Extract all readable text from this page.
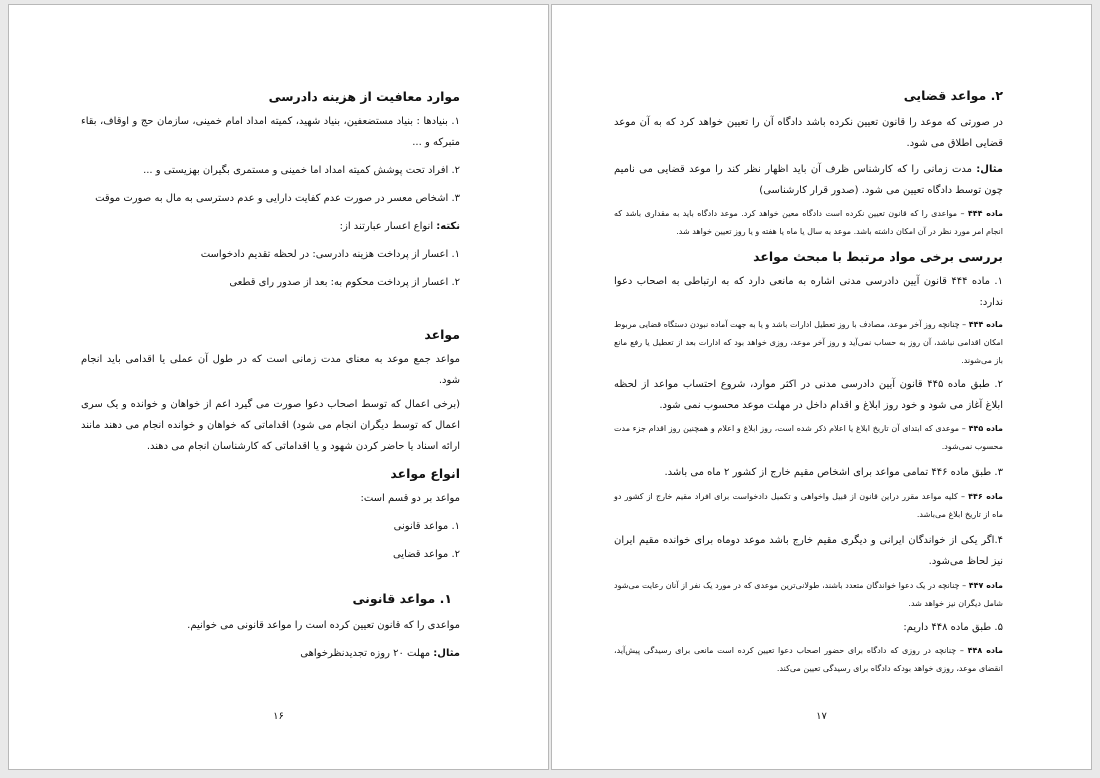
موارد معافیت از هزینه دادرسی

۱. بنیادها : بنیاد مستضعفین، بنیاد شهید، کمیته امداد امام خمینی، سازمان حج و اوقاف، بقاء متبرکه و ...

۲. افراد تحت پوشش کمیته امداد اما خمینی و مستمری بگیران بهزیستی و ...

۳. اشخاص معسر در صورت عدم کفایت دارایی و عدم دسترسی به مال به صورت موقت

نکته: انواع اعسار عبارتند از:

۱. اعسار از پرداخت هزینه دادرسی: در لحظه تقدیم دادخواست

۲. اعسار از پرداخت محکوم به: بعد از صدور رای قطعی

مواعد

مواعد جمع موعد به معنای مدت زمانی است که در طول آن عملی یا اقدامی باید انجام شود.

(برخی اعمال که توسط اصحاب دعوا صورت می گیرد اعم از خواهان و خوانده و یک سری اعمال که توسط دیگران انجام می شود) اقداماتی که خواهان و خوانده انجام می دهند مانند ارائه اسناد یا حاضر کردن شهود و یا اقداماتی که کارشناسان انجام می دهند.

انواع مواعد

مواعد بر دو قسم است:

۱. مواعد قانونی

۲. مواعد قضایی

۱. مواعد قانونی

مواعدی را که قانون تعیین کرده است را مواعد قانونی می خوانیم.

مثال: مهلت ۲۰ روزه تجدیدنظرخواهی

۱۶

۲. مواعد قضایی

در صورتی که موعد را قانون تعیین نکرده باشد دادگاه آن را تعیین خواهد کرد که به آن موعد قضایی اطلاق می شود.

مثال: مدت زمانی را که کارشناس ظرف آن باید اظهار نظر کند را موعد قضایی می نامیم چون توسط دادگاه تعیین می شود. (صدور قرار کارشناسی)

ماده ۴۴۴ – مواعدی را که قانون تعیین نکرده است دادگاه معین خواهد کرد. موعد دادگاه باید به مقداری باشد که انجام امر مورد نظر در آن امکان داشته باشد. موعد به سال یا ماه یا هفته و یا روز تعیین خواهد شد.

بررسی برخی مواد مرتبط با مبحث مواعد

۱. ماده ۴۴۴ قانون آیین دادرسی مدنی اشاره به مانعی دارد که به ارتباطی به اصحاب دعوا ندارد:

ماده ۴۴۴ – چنانچه روز آخر موعد، مصادف با روز تعطیل ادارات باشد و یا به جهت آماده نبودن دستگاه قضایی مربوط امکان اقدامی نباشد، آن روز به حساب نمی‌آید و روز آخر موعد، روزی خواهد بود که ادارات بعد از تعطیل یا رفع مانع باز می‌شوند.

۲. طبق ماده ۴۴۵ قانون آیین دادرسی مدنی در اکثر موارد، شروع احتساب مواعد از لحظه ابلاغ آغاز می شود و خود روز ابلاغ و اقدام داخل در مهلت موعد محسوب نمی شود.

ماده ۴۴۵ – موعدی که ابتدای آن تاریخ ابلاغ یا اعلام ذکر شده است، روز ابلاغ و اعلام و همچنین روز اقدام جزء مدت محسوب نمی‌شود.

۳. طبق ماده ۴۴۶ تمامی مواعد برای اشخاص مقیم خارج از کشور ۲ ماه می باشد.

ماده ۴۴۶ – کلیه مواعد مقرر دراین قانون از قبیل واخواهی و تکمیل دادخواست برای افراد مقیم خارج از کشور دو ماه از تاریخ ابلاغ می‌باشد.

۴.اگر یکی از خواندگان ایرانی و دیگری مقیم خارج باشد موعد دوماه برای خوانده مقیم ایران نیز لحاظ می‌شود.

ماده ۴۴۷ – چنانچه در یک دعوا خواندگان متعدد باشند، طولانی‌ترین موعدی که در مورد یک نفر از آنان رعایت می‌شود شامل دیگران نیز خواهد شد.

۵. طبق ماده ۴۴۸ داریم:

ماده ۴۴۸ – چنانچه در روزی که دادگاه برای حضور اصحاب دعوا تعیین کرده است مانعی برای رسیدگی پیش‌آید، انقضای موعد، روزی خواهد بودکه دادگاه برای رسیدگی تعیین می‌کند.

۱۷
